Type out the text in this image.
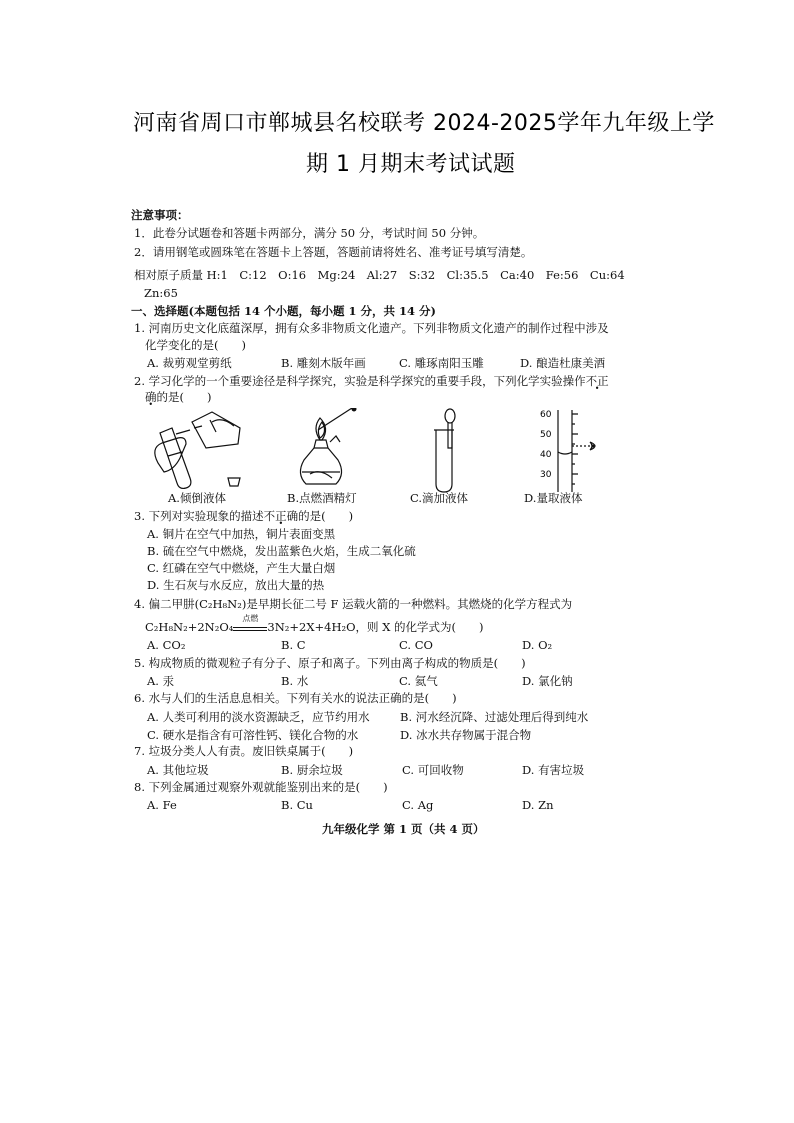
河南省周口市郸城县名校联考 2024-2025学年九年级上学
期 1 月期末考试试题
注意事项：
1．此卷分试题卷和答题卡两部分，满分 50 分，考试时间 50 分钟。
2．请用钢笔或圆珠笔在答题卡上答题，答题前请将姓名、准考证号填写清楚。
相对原子质量 H:1　C:12　O:16　Mg:24　Al:27　S:32　Cl:35.5　Ca:40　Fe:56　Cu:64
Zn:65
一、选择题(本题包括 14 个小题，每小题 1 分，共 14 分)
1. 河南历史文化底蕴深厚，拥有众多非物质文化遗产。下列非物质文化遗产的制作过程中涉及
化学变化的是(　　)
A. 裁剪观堂剪纸	B. 雕刻木版年画	C. 雕琢南阳玉雕	D. 酿造杜康美酒
2. 学习化学的一个重要途径是科学探究，实验是科学探究的重要手段，下列化学实验操作不正
确的是(　　)
60
50
40
30
A.倾倒液体	B.点燃酒精灯	C.滴加液体	D.量取液体
3. 下列对实验现象的描述不正确的是(　　)
A. 铜片在空气中加热，铜片表面变黑
B. 硫在空气中燃烧，发出蓝紫色火焰，生成二氧化硫
C. 红磷在空气中燃烧，产生大量白烟
D. 生石灰与水反应，放出大量的热
4. 偏二甲肼(C₂H₈N₂)是早期长征二号 F 运载火箭的一种燃料。其燃烧的化学方程式为
C₂H₈N₂+2N₂O₄
点燃
3N₂+2X+4H₂O，则 X 的化学式为(　　)
A. CO₂	B. C	C. CO	D. O₂
5. 构成物质的微观粒子有分子、原子和离子。下列由离子构成的物质是(　　)
A. 汞	B. 水	C. 氦气	D. 氯化钠
6. 水与人们的生活息息相关。下列有关水的说法正确的是(　　)
A. 人类可利用的淡水资源缺乏，应节约用水	B. 河水经沉降、过滤处理后得到纯水
C. 硬水是指含有可溶性钙、镁化合物的水	D. 冰水共存物属于混合物
7. 垃圾分类人人有责。废旧铁桌属于(　　)
A. 其他垃圾	B. 厨余垃圾	C. 可回收物	D. 有害垃圾
8. 下列金属通过观察外观就能鉴别出来的是(　　)
A. Fe	B. Cu	C. Ag	D. Zn
九年级化学 第 1 页（共 4 页）
